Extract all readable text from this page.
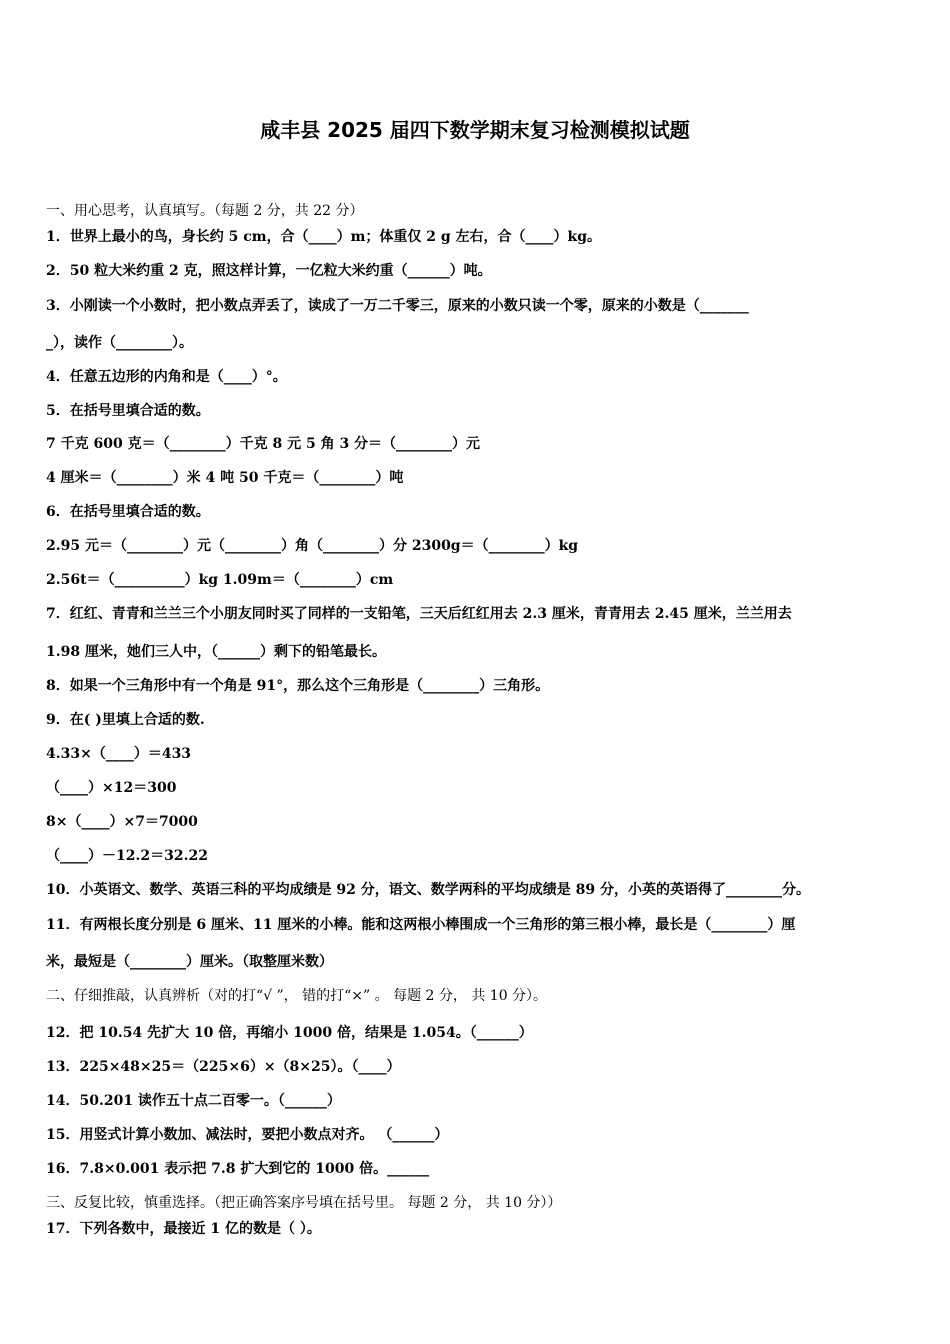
咸丰县 2025 届四下数学期末复习检测模拟试题
一、用心思考，认真填写。（每题 2 分，共 22 分）
1．世界上最小的鸟，身长约 5 cm，合（____）m；体重仅 2 g 左右，合（____）kg。
2．50 粒大米约重 2 克，照这样计算，一亿粒大米约重（______）吨。
3．小刚读一个小数时，把小数点弄丢了，读成了一万二千零三，原来的小数只读一个零，原来的小数是（_______
_），读作（________）。
4．任意五边形的内角和是（____）°。
5．在括号里填合适的数。
7 千克 600 克＝（________）千克 8 元 5 角 3 分＝（________）元
4 厘米＝（________）米 4 吨 50 千克＝（________）吨
6．在括号里填合适的数。
2.95 元＝（________）元（________）角（________）分 2300g＝（________）kg
2.56t＝（__________）kg 1.09m＝（________）cm
7．红红、青青和兰兰三个小朋友同时买了同样的一支铅笔，三天后红红用去 2.3 厘米，青青用去 2.45 厘米，兰兰用去
1.98 厘米，她们三人中，（______）剩下的铅笔最长。
8．如果一个三角形中有一个角是 91°，那么这个三角形是（________）三角形。
9．在( )里填上合适的数.
4.33×（____）＝433
（____）×12＝300
8×（____）×7＝7000
（____）－12.2＝32.22
10．小英语文、数学、英语三科的平均成绩是 92 分，语文、数学两科的平均成绩是 89 分，小英的英语得了________分。
11．有两根长度分别是 6 厘米、11 厘米的小棒。能和这两根小棒围成一个三角形的第三根小棒，最长是（________）厘
米，最短是（________）厘米。（取整厘米数）
二、仔细推敲，认真辨析（对的打“√ ”， 错的打“×” 。 每题 2 分， 共 10 分）。
12．把 10.54 先扩大 10 倍，再缩小 1000 倍，结果是 1.054。（______）
13．225×48×25＝（225×6）×（8×25）。（____）
14．50.201 读作五十点二百零一。（______）
15．用竖式计算小数加、减法时，要把小数点对齐。 （______）
16．7.8×0.001 表示把 7.8 扩大到它的 1000 倍。______
三、反复比较，慎重选择。（把正确答案序号填在括号里。 每题 2 分， 共 10 分））
17．下列各数中，最接近 1 亿的数是（ ）。
